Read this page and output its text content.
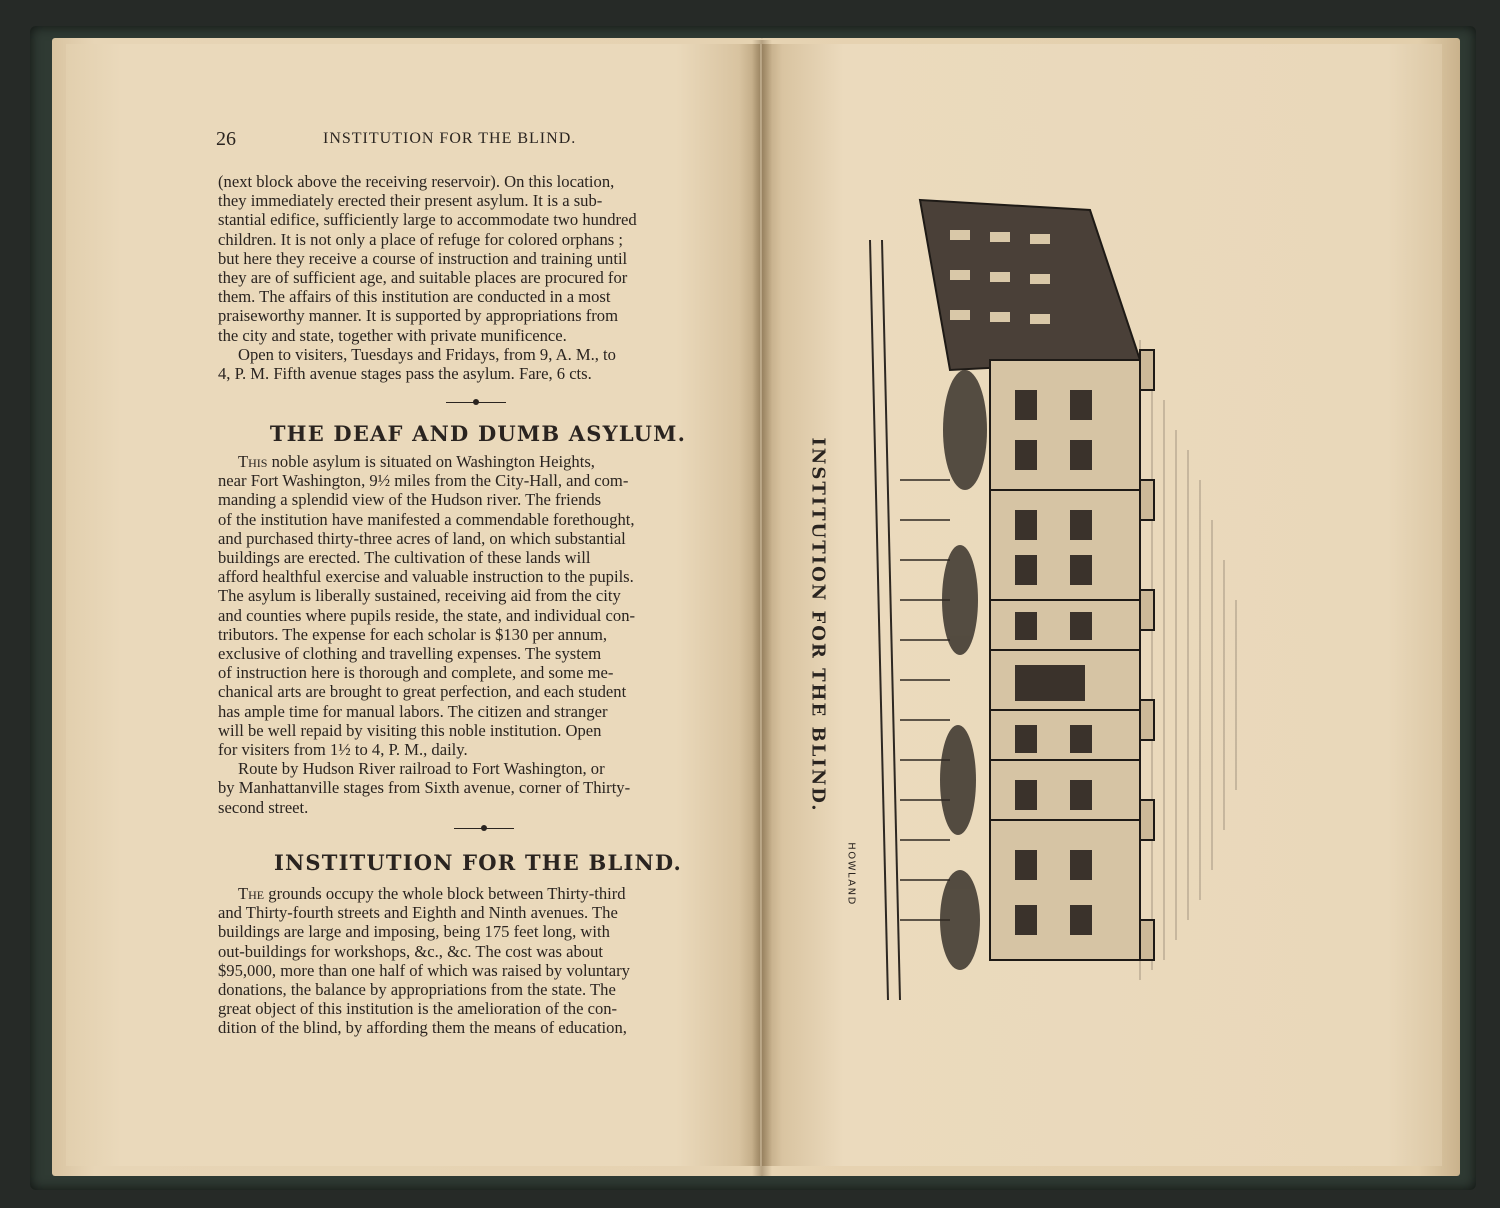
26	INSTITUTION FOR THE BLIND.

(next block above the receiving reservoir). On this location,

they immediately erected their present asylum. It is a sub-

stantial edifice, sufficiently large to accommodate two hundred

children. It is not only a place of refuge for colored orphans ;

but here they receive a course of instruction and training until

they are of sufficient age, and suitable places are procured for

them. The affairs of this institution are conducted in a most

praiseworthy manner. It is supported by appropriations from

the city and state, together with private munificence.

Open to visiters, Tuesdays and Fridays, from 9, A. M., to

4, P. M. Fifth avenue stages pass the asylum. Fare, 6 cts.

THE DEAF AND DUMB ASYLUM.

This noble asylum is situated on Washington Heights,

near Fort Washington, 9½ miles from the City-Hall, and com-

manding a splendid view of the Hudson river. The friends

of the institution have manifested a commendable forethought,

and purchased thirty-three acres of land, on which substantial

buildings are erected. The cultivation of these lands will

afford healthful exercise and valuable instruction to the pupils.

The asylum is liberally sustained, receiving aid from the city

and counties where pupils reside, the state, and individual con-

tributors. The expense for each scholar is $130 per annum,

exclusive of clothing and travelling expenses. The system

of instruction here is thorough and complete, and some me-

chanical arts are brought to great perfection, and each student

has ample time for manual labors. The citizen and stranger

will be well repaid by visiting this noble institution. Open

for visiters from 1½ to 4, P. M., daily.

Route by Hudson River railroad to Fort Washington, or

by Manhattanville stages from Sixth avenue, corner of Thirty-

second street.

INSTITUTION FOR THE BLIND.

The grounds occupy the whole block between Thirty-third

and Thirty-fourth streets and Eighth and Ninth avenues. The

buildings are large and imposing, being 175 feet long, with

out-buildings for workshops, &c., &c. The cost was about

$95,000, more than one half of which was raised by voluntary

donations, the balance by appropriations from the state. The

great object of this institution is the amelioration of the con-

dition of the blind, by affording them the means of education,

INSTITUTION FOR THE BLIND.
HOWLAND
